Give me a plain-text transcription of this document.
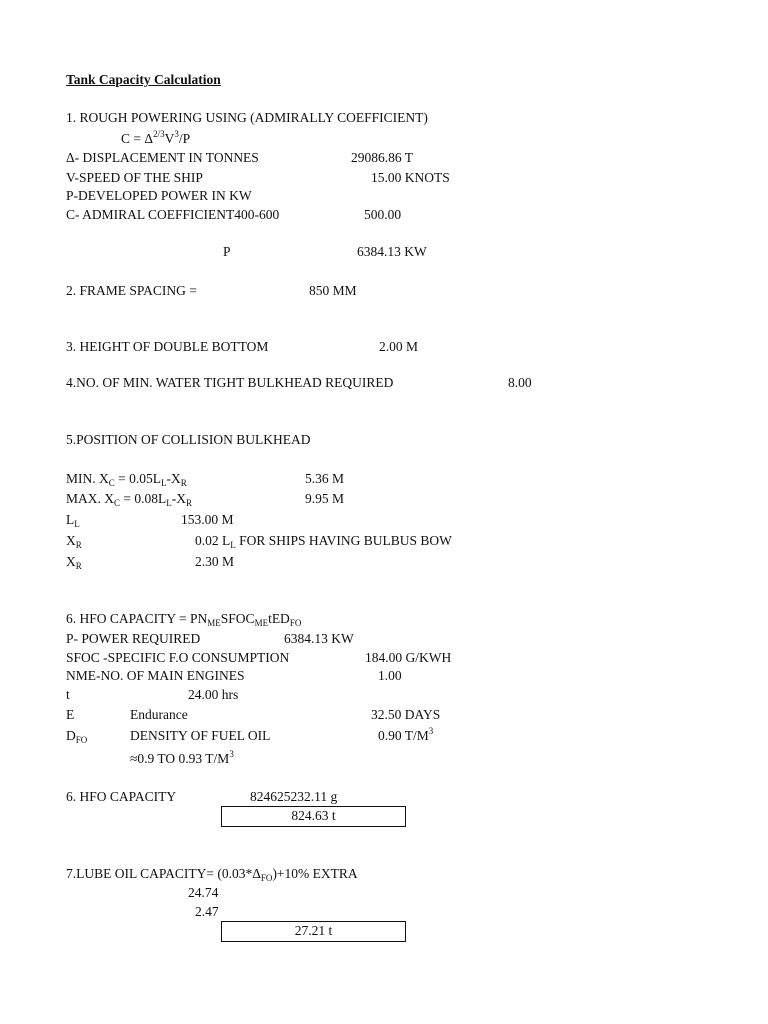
Tank Capacity Calculation
1. ROUGH POWERING USING (ADMIRALLY COEFFICIENT)
$C = \Delta^{2/3}V^3/P$
Δ- DISPLACEMENT IN TONNES	29086.86 T
V-SPEED OF THE SHIP	15.00 KNOTS
P-DEVELOPED POWER IN KW
C- ADMIRAL COEFFICIENT400-600	500.00
P	6384.13 KW
2. FRAME SPACING =	850 MM
3. HEIGHT OF DOUBLE BOTTOM	2.00 M
4.NO. OF MIN. WATER TIGHT BULKHEAD REQUIRED	8.00
5.POSITION OF COLLISION BULKHEAD
MIN. $X_C = 0.05L_L-X_R$	5.36 M
MAX. $X_C = 0.08L_L-X_R$	9.95 M
$L_L$	153.00 M
$X_R$	0.02 $L_L$ FOR SHIPS HAVING BULBUS BOW
$X_R$	2.30 M
6. HFO CAPACITY = $PN_{ME}SFOC_{ME}tED_{FO}$
P- POWER REQUIRED	6384.13 KW
SFOC -SPECIFIC F.O CONSUMPTION	184.00 G/KWH
NME-NO. OF MAIN ENGINES	1.00
t	24.00 hrs
E	Endurance	32.50 DAYS
$D_{FO}$	DENSITY OF FUEL OIL	0.90 $T/M^3$
≈0.9 TO 0.93 $T/M^3$
6. HFO CAPACITY	824625232.11 g
824.63 t
7.LUBE OIL CAPACITY= $(0.03*\Delta_{FO})+10\%$ EXTRA
24.74
2.47
27.21 t
